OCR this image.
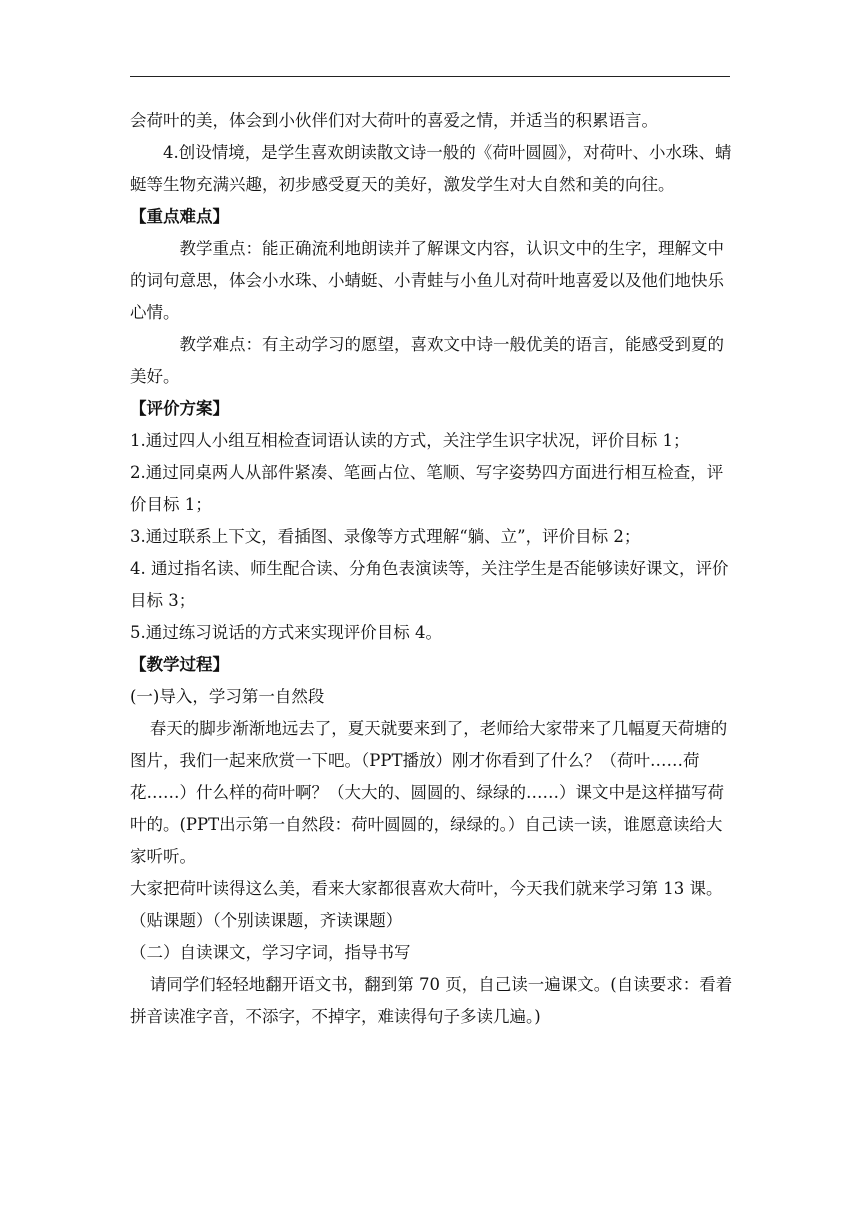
会荷叶的美，体会到小伙伴们对大荷叶的喜爱之情，并适当的积累语言。

4.创设情境，是学生喜欢朗读散文诗一般的《荷叶圆圆》，对荷叶、小水珠、蜻蜓等生物充满兴趣，初步感受夏天的美好，激发学生对大自然和美的向往。

【重点难点】

教学重点：能正确流利地朗读并了解课文内容，认识文中的生字，理解文中的词句意思，体会小水珠、小蜻蜓、小青蛙与小鱼儿对荷叶地喜爱以及他们地快乐心情。

教学难点：有主动学习的愿望，喜欢文中诗一般优美的语言，能感受到夏的美好。

【评价方案】

1.通过四人小组互相检查词语认读的方式，关注学生识字状况，评价目标 1；

2.通过同桌两人从部件紧凑、笔画占位、笔顺、写字姿势四方面进行相互检查，评价目标 1；

3.通过联系上下文，看插图、录像等方式理解“躺、立”，评价目标 2；

4. 通过指名读、师生配合读、分角色表演读等，关注学生是否能够读好课文，评价目标 3；

5.通过练习说话的方式来实现评价目标 4。

【教学过程】

(一)导入，学习第一自然段

春天的脚步渐渐地远去了，夏天就要来到了，老师给大家带来了几幅夏天荷塘的图片，我们一起来欣赏一下吧。（PPT播放）刚才你看到了什么？（荷叶……荷花……）什么样的荷叶啊？（大大的、圆圆的、绿绿的……）课文中是这样描写荷叶的。(PPT出示第一自然段：荷叶圆圆的，绿绿的。）自己读一读，谁愿意读给大家听听。

大家把荷叶读得这么美，看来大家都很喜欢大荷叶，今天我们就来学习第 13 课。（贴课题）（个别读课题，齐读课题）

（二）自读课文，学习字词，指导书写

请同学们轻轻地翻开语文书，翻到第 70 页，自己读一遍课文。(自读要求：看着拼音读准字音，不添字，不掉字，难读得句子多读几遍。)
